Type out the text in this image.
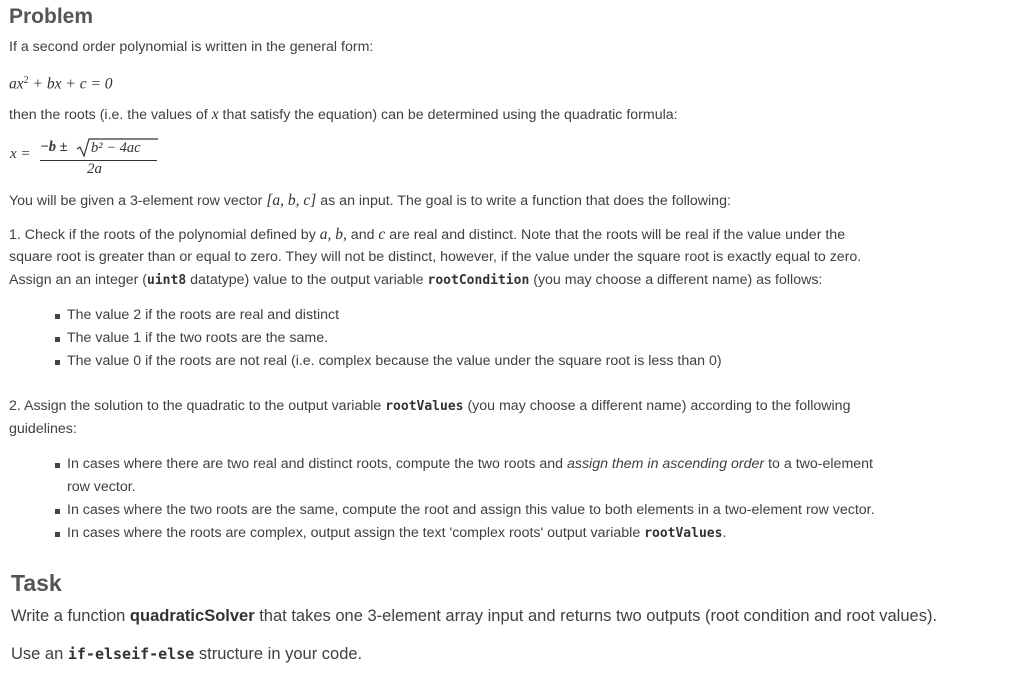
Problem

If a second order polynomial is written in the general form:

$ax^2$ + bx + c = 0

then the roots (i.e. the values of x that satisfy the equation) can be determined using the quadratic formula:

x = −b ± b² − 4ac
2a

You will be given a 3-element row vector [a, b, c] as an input. The goal is to write a function that does the following:

1. Check if the roots of the polynomial defined by a, b, and c are real and distinct. Note that the roots will be real if the value under the

square root is greater than or equal to zero. They will not be distinct, however, if the value under the square root is exactly equal to zero.

Assign an an integer (uint8 datatype) value to the output variable rootCondition (you may choose a different name) as follows:

The value 2 if the roots are real and distinct
The value 1 if the two roots are the same.
The value 0 if the roots are not real (i.e. complex because the value under the square root is less than 0)

2. Assign the solution to the quadratic to the output variable rootValues (you may choose a different name) according to the following

guidelines:

In cases where there are two real and distinct roots, compute the two roots and assign them in ascending order to a two-element
row vector.
In cases where the two roots are the same, compute the root and assign this value to both elements in a two-element row vector.
In cases where the roots are complex, output assign the text 'complex roots' output variable rootValues.
Task

Write a function quadraticSolver that takes one 3-element array input and returns two outputs (root condition and root values).

Use an if-elseif-else structure in your code.
